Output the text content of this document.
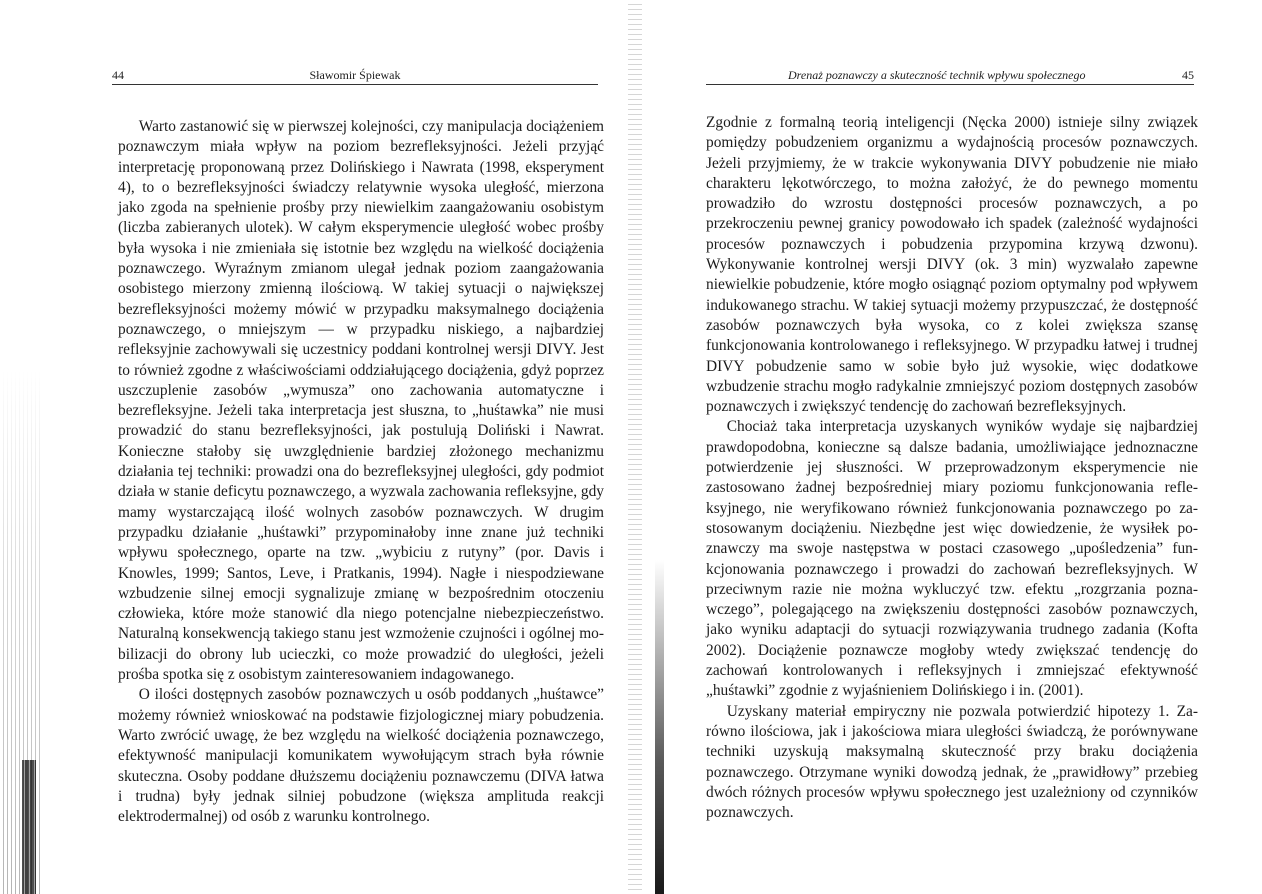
44	Sławomir Śpiewak

Warto zastanowić się w pierwszej kolejności, czy manipulacja dociążeniem poznawczym miała wpływ na poziom bezrefleksyjności. Jeżeli przyjąć interpretację proponowaną przez Dolińskiego i Nawrata (1998, eksperyment 4), to o bezrefleksyjności świadczy relatywnie wysoka uległość, mierzona jako zgoda na spełnienie prośby przy niewielkim zaangażowaniu osobistym (liczba zabieranych ulotek). W całym eksperymencie uległość wobec prośby była wysoka i nie zmieniała się istotnie bez względu na wielkość dociążenia poznawczego. Wyraźnym zmianom ulegał jednak poziom zaangażowania osobistego mierzony zmienną ilościową. W takiej sytuacji o największej bezrefleksyjności możemy mówić w przypadku maksymalnego dociążenia poznawczego, o mniejszym — w przypadku niskiego, a najbardziej refleksyjnie zachowywali się uczestnicy poddani kontrolnej wersji DIVY. Jest to również zgodne z właściwościami oddziałującego dociążenia, gdyż poprzez uszczuplenie zasobów „wymusza” ono zachowania automatyczne i bezrefleksyjne. Jeżeli taka interpretacja jest słuszna, to „huśtawka” nie musi prowadzić do stanu bezrefleksyjności, jak postulują Doliński i Nawrat. Konieczne stałoby się uwzględnienie bardziej złożonego mechanizmu działania tej techniki: prowadzi ona do bezrefleksyjnej uległości, gdy podmiot działa w stanie deficytu poznawczego, a wyzwala zachowania refleksyjne, gdy mamy wystarczającą ilość wolnych zasobów poznawczych. W drugim przypadku działanie „huśtawki” przypominałoby inne znane już techniki wpływu społecznego, oparte na tzw. „wybiciu z rutyny” (por. Davis i Knowles, 1999; Santos, Leve, i Pratkanis, 1994). Nagłe i niespodziewane wzbudzenie silnej emocji sygnalizuje zmianę w bezpośrednim otoczeniu człowieka, które może stanowić dla niego potencjalne niebezpieczeństwo. Naturalną konsekwencją takiego stanu jest wzmożenie czujności i ogólnej mobilizacji do obrony lub ucieczki, co może prowadzić do uległości, jeżeli prośba spotka się z osobistym zainteresowaniem indagowanego.

O ilości dostępnych zasobów poznawczych u osób poddanych „huśtawce” możemy również wnioskować na podstawie fizjologicznej miary pobudzenia. Warto zwrócić uwagę, że bez względu na wielkość dociążenia poznawczego, efektywność manipulacji komunikatem wywołującym strach była równie skuteczna. Osoby poddane dłuższemu dociążeniu poznawczemu (DIVA łatwa i trudna) były jednak silniej pobudzone (większa amplituda reakcji elektrodermalnej) od osób z warunku kontrolnego.

Drenaż poznawczy a skuteczność technik wpływu społecznego	45

Zgodnie z formalną teorią inteligencji (Nęcka 2000) istnieje silny związek pomiędzy pobudzeniem organizmu a wydajnością procesów poznawczych. Jeżeli przyjmiemy, że w trakcie wykonywania DIVY pobudzenie nie miało charakteru lękotwórczego, to można założyć, że do pewnego momentu prowadziło do wzrostu dostępności procesów poznawczych, a po przekroczeniu pewnej granicy powodowało ich spadek (zależność wydajności procesów poznawczych i pobudzenia przypomina krzywą dzwonu). Wykonywanie kontrolnej wersji DIVY (ok. 3 min) wyzwalało zapewne niewielkie pobudzenie, które mogło osiągnąć poziom optymalny pod wpływem indukowanego strachu. W takiej sytuacji możemy przypuszczać, że dostępność zasobów poznawczych była wysoka, co z kolei zwiększa szansę funkcjonowania kontrolowanego i refleksyjnego. W przypadku łatwej i trudnej DIVY pobudzenie samo w sobie było już wysokie, więc dodatkowe wzbudzenie strachu mogło radykalnie zmniejszyć poziom dostępnych zasobów poznawczych i zwiększyć tendencję do zachowań bezrefleksyjnych.

Chociaż taka interpretacja uzyskanych wyników wydaje się najbardziej prawdopodobna, konieczne są dalsze badania, umożliwiające jednoznaczne potwierdzenie jej słuszności. W przeprowadzonym eksperymencie nie zastosowano żadnej bezpośredniej miary poziomu funkcjonowania refleksyjnego, nie weryfikowano również funkcjonowania poznawczego po zastosowanym dociążeniu. Niezbędne jest więc dowiedzenie, że wysiłek poznawczy ma swoje następstwa w postaci czasowego „upośledzenia” funkcjonowania poznawczego i prowadzi do zachowań bezrefleksyjnych. W przeciwnym razie nie można wykluczyć tzw. efektu „rozgrzania poznawczego”, polegającego na zwiększeniu dostępności zasobów poznawczych, jako wyniku adaptacji do sytuacji rozwiązywania trudnego zadania (Kofta 2002). Dociążenie poznawcze mogłoby wtedy zwiększać tendencję do zachowań kontrolowanych i refleksyjnych i zmniejszać efektywność „huśtawki” zgodnie z wyjaśnieniem Dolińskiego i in. (2001).

Uzyskany materiał empiryczny nie pozwala potwierdzić hipotezy 1. Zarówno ilościowa, jak i jakościowa miara uległości świadczą, że porównywane techniki uzyskują maksymalną skuteczność przy braku dociążenia poznawczego. Otrzymane wyniki dowodzą jednak, że „prawidłowy” przebieg dwóch różnych procesów wpływu społecznego jest uzależniony od czynników poznawczych.
